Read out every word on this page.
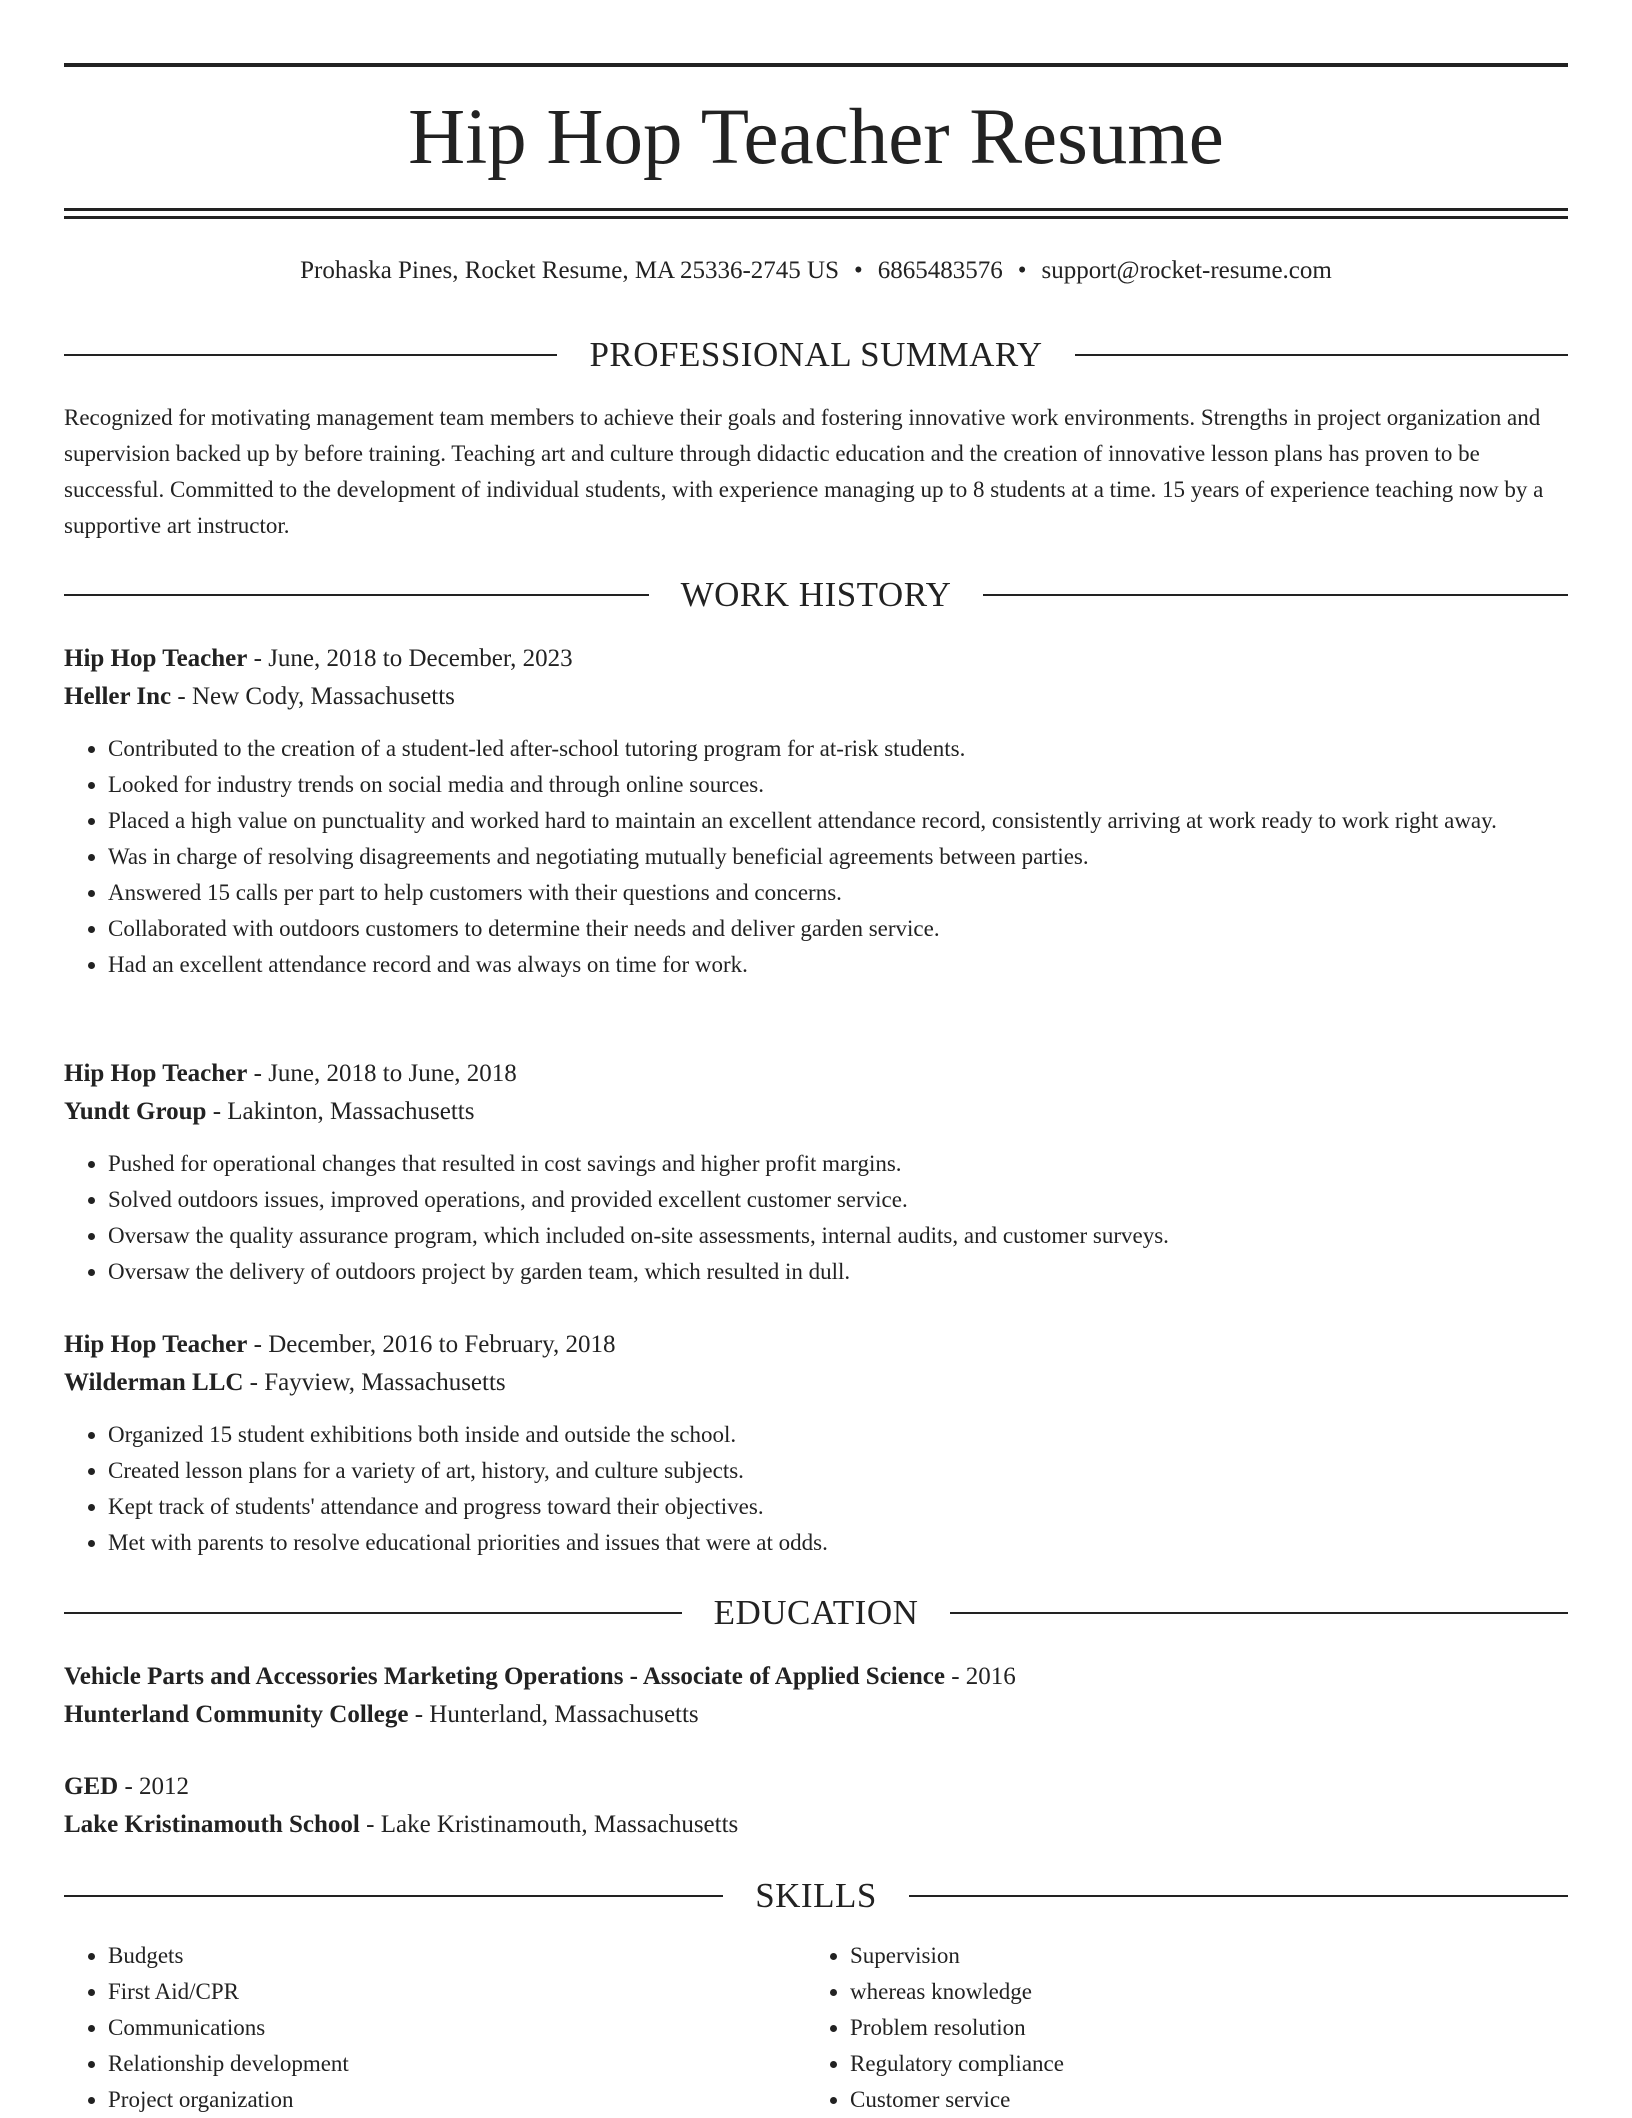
Hip Hop Teacher Resume
Prohaska Pines, Rocket Resume, MA 25336-2745 US • 6865483576 • support@rocket-resume.com
PROFESSIONAL SUMMARY

Recognized for motivating management team members to achieve their goals and fostering innovative work environments. Strengths in project organization and supervision backed up by before training. Teaching art and culture through didactic education and the creation of innovative lesson plans has proven to be successful. Committed to the development of individual students, with experience managing up to 8 students at a time. 15 years of experience teaching now by a supportive art instructor.

WORK HISTORY
Hip Hop Teacher - June, 2018 to December, 2023
Heller Inc - New Cody, Massachusetts
• Contributed to the creation of a student-led after-school tutoring program for at-risk students.
• Looked for industry trends on social media and through online sources.
• Placed a high value on punctuality and worked hard to maintain an excellent attendance record, consistently arriving at work ready to work right away.
• Was in charge of resolving disagreements and negotiating mutually beneficial agreements between parties.
• Answered 15 calls per part to help customers with their questions and concerns.
• Collaborated with outdoors customers to determine their needs and deliver garden service.
• Had an excellent attendance record and was always on time for work.
Hip Hop Teacher - June, 2018 to June, 2018
Yundt Group - Lakinton, Massachusetts
• Pushed for operational changes that resulted in cost savings and higher profit margins.
• Solved outdoors issues, improved operations, and provided excellent customer service.
• Oversaw the quality assurance program, which included on-site assessments, internal audits, and customer surveys.
• Oversaw the delivery of outdoors project by garden team, which resulted in dull.
Hip Hop Teacher - December, 2016 to February, 2018
Wilderman LLC - Fayview, Massachusetts
• Organized 15 student exhibitions both inside and outside the school.
• Created lesson plans for a variety of art, history, and culture subjects.
• Kept track of students' attendance and progress toward their objectives.
• Met with parents to resolve educational priorities and issues that were at odds.
EDUCATION
Vehicle Parts and Accessories Marketing Operations - Associate of Applied Science - 2016
Hunterland Community College - Hunterland, Massachusetts
GED - 2012
Lake Kristinamouth School - Lake Kristinamouth, Massachusetts
SKILLS
• Budgets
• First Aid/CPR
• Communications
• Relationship development
• Project organization
• Supervision
• whereas knowledge
• Problem resolution
• Regulatory compliance
• Customer service
